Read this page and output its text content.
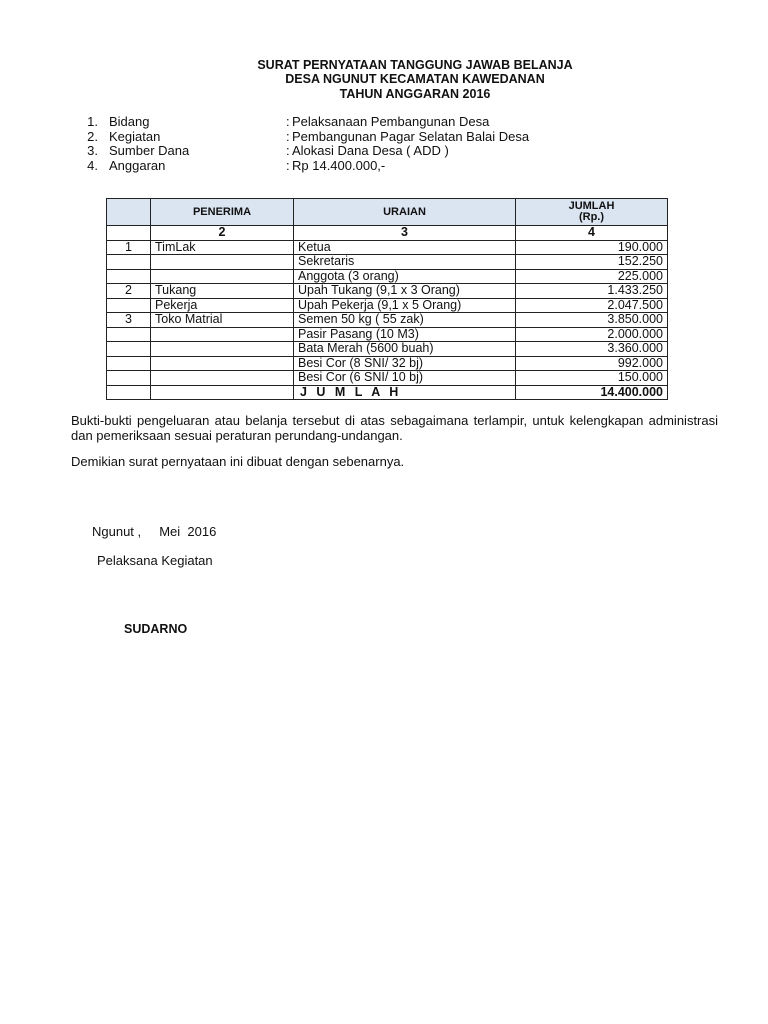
SURAT PERNYATAAN TANGGUNG JAWAB BELANJA
DESA NGUNUT KECAMATAN KAWEDANAN
TAHUN ANGGARAN 2016
1. Bidang	: Pelaksanaan Pembangunan Desa
2. Kegiatan	: Pembangunan Pagar Selatan Balai Desa
3. Sumber Dana	: Alokasi Dana Desa ( ADD )
4. Anggaran	: Rp 14.400.000,-
	PENERIMA	URAIAN	JUMLAH
(Rp.)

	2	3	4
1	TimLak	Ketua	190.000
		Sekretaris	152.250
		Anggota (3 orang)	225.000
2	Tukang	Upah Tukang (9,1 x 3 Orang)	1.433.250
	Pekerja	Upah Pekerja (9,1 x 5 Orang)	2.047.500
3	Toko Matrial	Semen 50 kg ( 55 zak)	3.850.000
		Pasir Pasang (10 M3)	2.000.000
		Bata Merah (5600 buah)	3.360.000
		Besi Cor (8 SNI/ 32 bj)	992.000
		Besi Cor (6 SNI/ 10 bj)	150.000
		J U M L A H	14.400.000
Bukti-bukti pengeluaran atau belanja tersebut di atas sebagaimana terlampir, untuk kelengkapan administrasi dan pemeriksaan sesuai peraturan perundang-undangan.
Demikian surat pernyataan ini dibuat dengan sebenarnya.
Ngunut ,     Mei  2016
Pelaksana Kegiatan
SUDARNO
